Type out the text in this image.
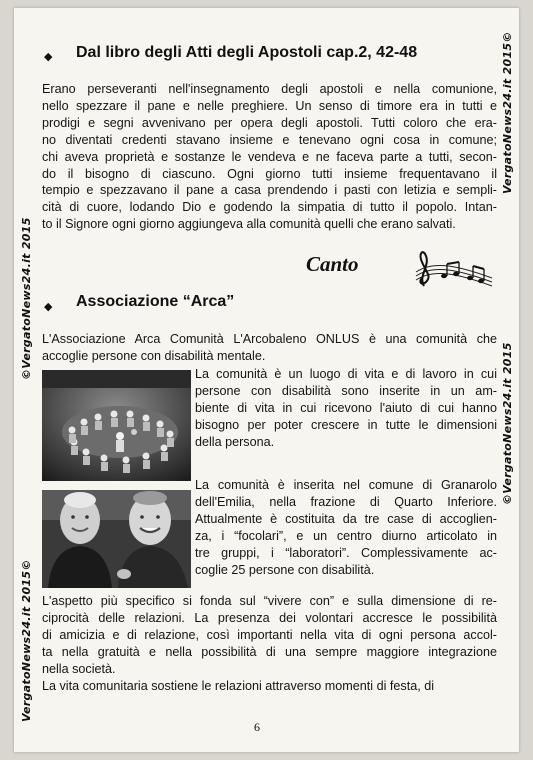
VergatoNews24.it 2015©
©VergatoNews24.it 2015
©VergatoNews24.it 2015
VergatoNews24.it 2015©
◆ Dal libro degli Atti degli Apostoli cap.2, 42-48
Erano perseveranti nell'insegnamento degli apostoli e nella comunione,
nello spezzare il pane e nelle preghiere. Un senso di timore era in tutti e
prodigi e segni avvenivano per opera degli apostoli. Tutti coloro che era-
no diventati credenti stavano insieme e tenevano ogni cosa in comune;
chi aveva proprietà e sostanze le vendeva e ne faceva parte a tutti, secon-
do il bisogno di ciascuno. Ogni giorno tutti insieme frequentavano il
tempio e spezzavano il pane a casa prendendo i pasti con letizia e sempli-
cità di cuore, lodando Dio e godendo la simpatia di tutto il popolo. Intan-
to il Signore ogni giorno aggiungeva alla comunità quelli che erano salvati.
Canto
◆ Associazione “Arca”
L'Associazione Arca Comunità L'Arcobaleno ONLUS è una comunità che
accoglie persone con disabilità mentale.
La comunità è un luogo di vita e di lavoro in cui
persone con disabilità sono inserite in un am-
biente di vita in cui ricevono l'aiuto di cui hanno
bisogno per poter crescere in tutte le dimensioni
della persona.
La comunità è inserita nel comune di Granarolo
dell'Emilia, nella frazione di Quarto Inferiore.
Attualmente è costituita da tre case di accoglien-
za, i “focolari”, e un centro diurno articolato in
tre gruppi, i “laboratori”. Complessivamente ac-
coglie 25 persone con disabilità.
L'aspetto più specifico si fonda sul “vivere con” e sulla dimensione di re-
ciprocità delle relazioni. La presenza dei volontari accresce le possibilità
di amicizia e di relazione, così importanti nella vita di ogni persona accol-
ta nella gratuità e nella possibilità di una sempre maggiore integrazione
nella società.
La vita comunitaria sostiene le relazioni attraverso momenti di festa, di
6
